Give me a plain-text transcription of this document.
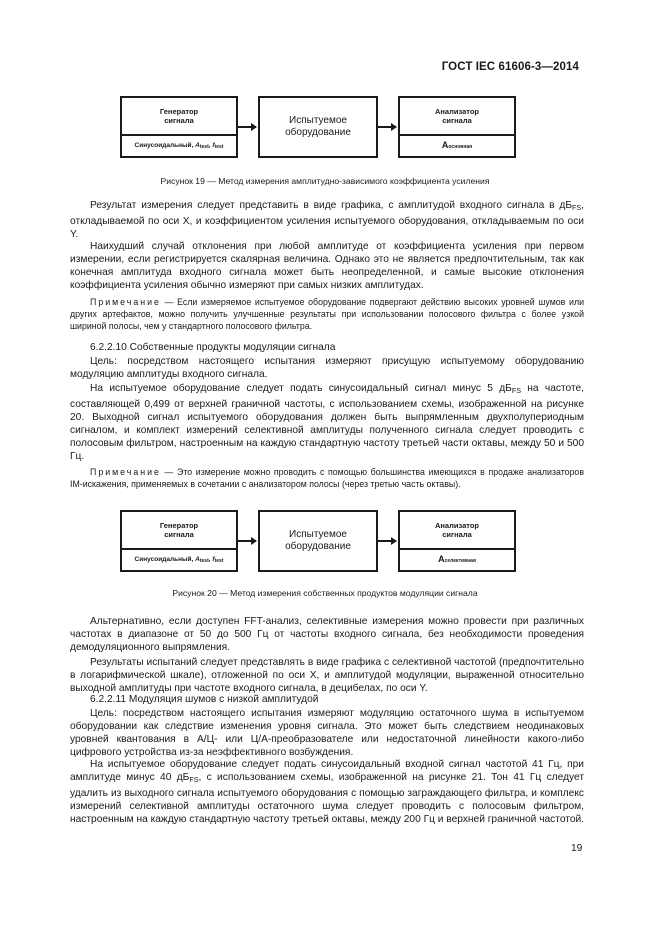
ГОСТ IEC 61606-3—2014
Генератор
сигнала
Синусоидальный,
A test , f test
Испытуемое оборудование
Анализатор
сигнала
A основная
Рисунок 19 — Метод измерения амплитудно-зависимого коэффициента усиления
Результат измерения следует представить в виде графика, с амплитудой входного сигнала в $дБ_{FS}$, откладываемой по оси X, и коэффициентом усиления испытуемого оборудования, откладываемым по оси Y.
Наихудший случай отклонения при любой амплитуде от коэффициента усиления при первом измерении, если регистрируется скалярная величина. Однако это не является предпочтительным, так как конечная амплитуда входного сигнала может быть неопределенной, и самые высокие отклонения коэффициента усиления обычно измеряют при самых низких амплитудах.
Примечание — Если измеряемое испытуемое оборудование подвергают действию высоких уровней шумов или других артефактов, можно получить улучшенные результаты при использовании полосового фильтра с более узкой шириной полосы, чем у стандартного полосового фильтра.
6.2.2.10 Собственные продукты модуляции сигнала
Цель: посредством настоящего испытания измеряют присущую испытуемому оборудованию модуляцию амплитуды входного сигнала.
На испытуемое оборудование следует подать синусоидальный сигнал минус 5 $дБ_{FS}$ на частоте, составляющей 0,499 от верхней граничной частоты, с использованием схемы, изображенной на рисунке 20. Выходной сигнал испытуемого оборудования должен быть выпрямленным двухполупериодным сигналом, и комплект измерений селективной амплитуды полученного сигнала следует проводить с полосовым фильтром, настроенным на каждую стандартную частоту третьей части октавы, между 50 и 500 Гц.
Примечание — Это измерение можно проводить с помощью большинства имеющихся в продаже анализаторов IM-искажения, применяемых в сочетании с анализатором полосы (через третью часть октавы).
Генератор
сигнала
Синусоидальный,
A test , f test
Испытуемое оборудование
Анализатор
сигнала
A селективная
Рисунок 20 — Метод измерения собственных продуктов модуляции сигнала
Альтернативно, если доступен FFT-анализ, селективные измерения можно провести при различных частотах в диапазоне от 50 до 500 Гц от частоты входного сигнала, без необходимости проведения демодуляционного выпрямления.
Результаты испытаний следует представлять в виде графика с селективной частотой (предпочтительно в логарифмической шкале), отложенной по оси X, и амплитудой модуляции, выраженной относительно выходной амплитуды при частоте входного сигнала, в децибелах, по оси Y.
6.2.2.11 Модуляция шумов с низкой амплитудой
Цель: посредством настоящего испытания измеряют модуляцию остаточного шума в испытуемом оборудовании как следствие изменения уровня сигнала. Это может быть следствием неодинаковых уровней квантования в А/Ц- или Ц/А-преобразователе или недостаточной линейности какого-либо цифрового устройства из-за неэффективного возбуждения.
На испытуемое оборудование следует подать синусоидальный входной сигнал частотой 41 Гц, при амплитуде минус 40 $дБ_{FS}$, с использованием схемы, изображенной на рисунке 21. Тон 41 Гц следует удалить из выходного сигнала испытуемого оборудования с помощью заграждающего фильтра, и комплекс измерений селективной амплитуды остаточного шума следует проводить с полосовым фильтром, настроенным на каждую стандартную частоту третьей октавы, между 200 Гц и верхней граничной частотой.
19
